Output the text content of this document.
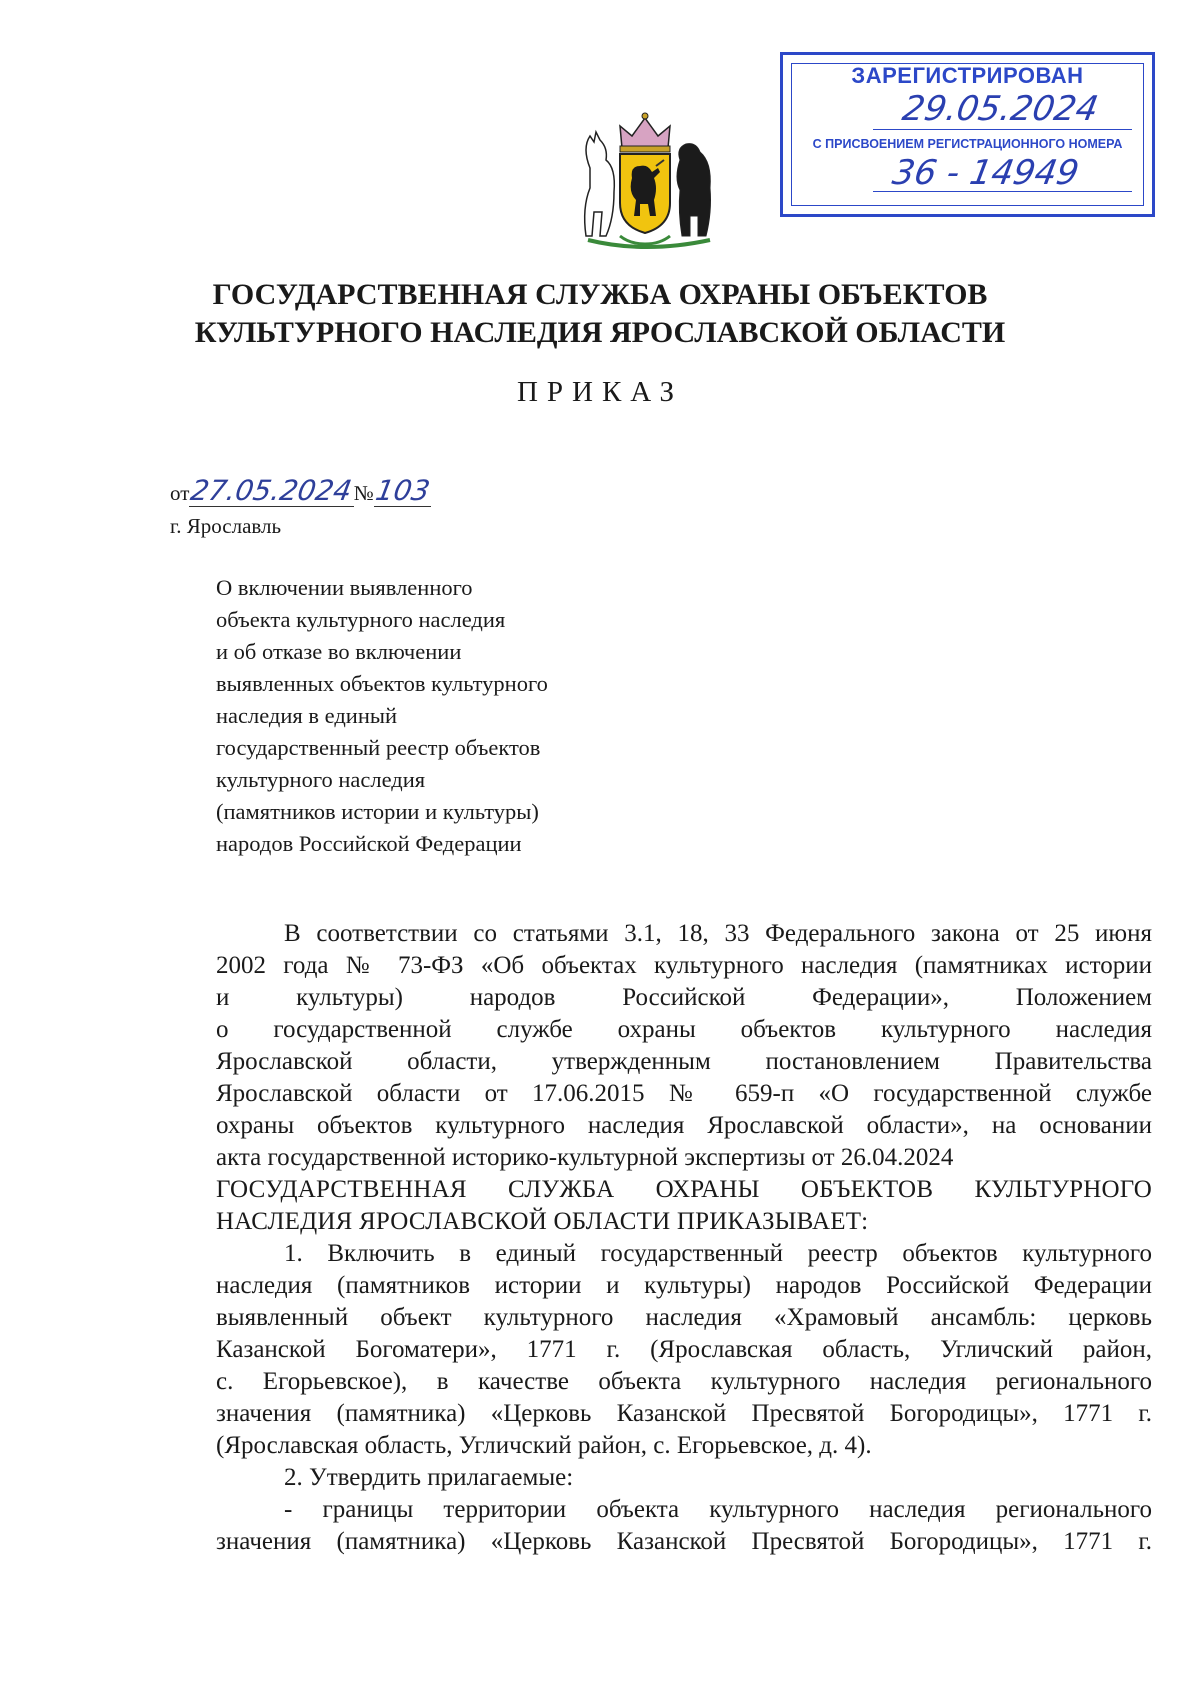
ЗАРЕГИСТРИРОВАН
29.05.2024
С ПРИСВОЕНИЕМ РЕГИСТРАЦИОННОГО НОМЕРА
36 - 14949
ГОСУДАРСТВЕННАЯ СЛУЖБА ОХРАНЫ ОБЪЕКТОВ
КУЛЬТУРНОГО НАСЛЕДИЯ ЯРОСЛАВСКОЙ ОБЛАСТИ
ПРИКАЗ
от27.05.2024№103
г. Ярославль
О включении выявленного
объекта культурного наследия
и об отказе во включении
выявленных объектов культурного
наследия в единый
государственный реестр объектов
культурного наследия
(памятников истории и культуры)
народов Российской Федерации
В соответствии со статьями 3.1, 18, 33 Федерального закона от 25 июня
2002 года № 73-ФЗ «Об объектах культурного наследия (памятниках истории
и культуры) народов Российской Федерации», Положением
о государственной службе охраны объектов культурного наследия
Ярославской области, утвержденным постановлением Правительства
Ярославской области от 17.06.2015 № 659-п «О государственной службе
охраны объектов культурного наследия Ярославской области», на основании
акта государственной историко-культурной экспертизы от 26.04.2024
ГОСУДАРСТВЕННАЯ СЛУЖБА ОХРАНЫ ОБЪЕКТОВ КУЛЬТУРНОГО
НАСЛЕДИЯ ЯРОСЛАВСКОЙ ОБЛАСТИ ПРИКАЗЫВАЕТ:
1. Включить в единый государственный реестр объектов культурного
наследия (памятников истории и культуры) народов Российской Федерации
выявленный объект культурного наследия «Храмовый ансамбль: церковь
Казанской Богоматери», 1771 г. (Ярославская область, Угличский район,
с. Егорьевское), в качестве объекта культурного наследия регионального
значения (памятника) «Церковь Казанской Пресвятой Богородицы», 1771 г.
(Ярославская область, Угличский район, с. Егорьевское, д. 4).
2. Утвердить прилагаемые:
- границы территории объекта культурного наследия регионального
значения (памятника) «Церковь Казанской Пресвятой Богородицы», 1771 г.
